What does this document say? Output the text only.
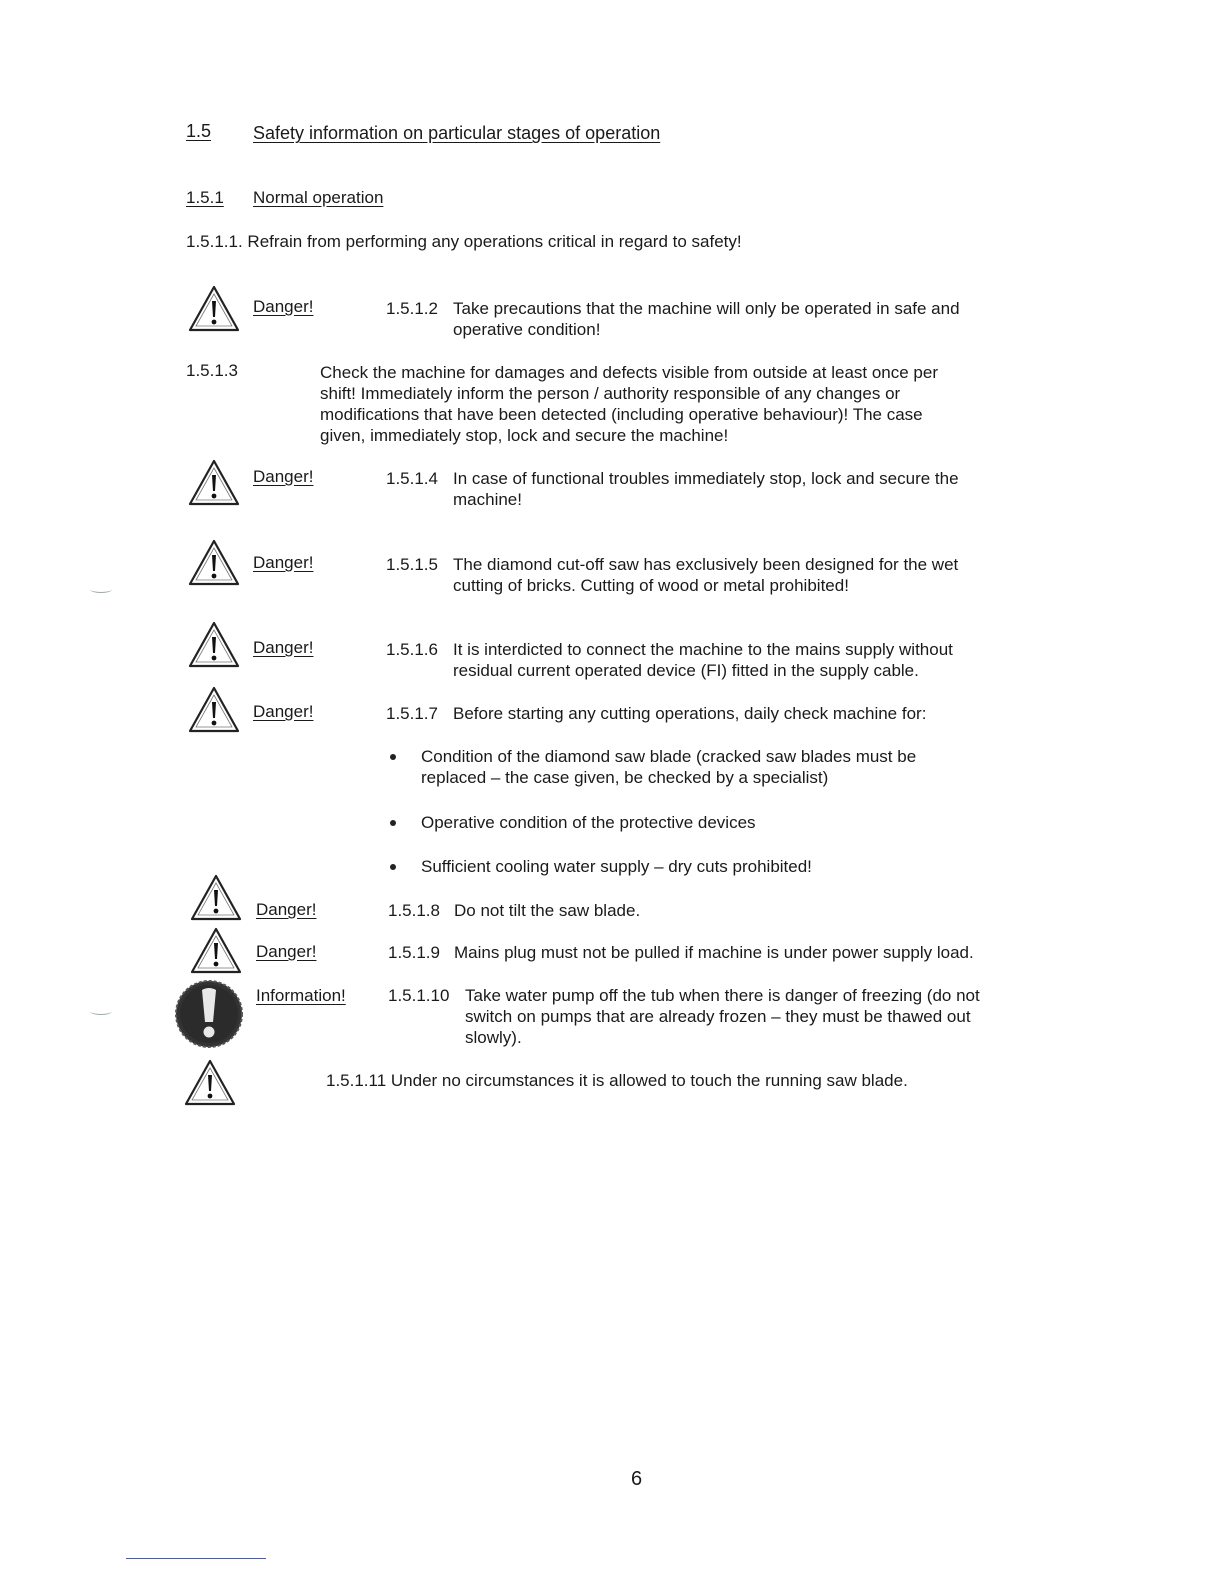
1.5 Safety information on particular stages of operation
1.5.1 Normal operation
1.5.1.1. Refrain from performing any operations critical in regard to safety!
Danger!	1.5.1.2 Take precautions that the machine will only be operated in safe and
operative condition!
1.5.1.3	Check the machine for damages and defects visible from outside at least once per
shift! Immediately inform the person / authority responsible of any changes or
modifications that have been detected (including operative behaviour)! The case
given, immediately stop, lock and secure the machine!
Danger!	1.5.1.4 In case of functional troubles immediately stop, lock and secure the
machine!
Danger!	1.5.1.5 The diamond cut-off saw has exclusively been designed for the wet
cutting of bricks. Cutting of wood or metal prohibited!
Danger!	1.5.1.6 It is interdicted to connect the machine to the mains supply without
residual current operated device (FI) fitted in the supply cable.
Danger!	1.5.1.7 Before starting any cutting operations, daily check machine for:
Condition of the diamond saw blade (cracked saw blades must be
replaced – the case given, be checked by a specialist)
Operative condition of the protective devices
Sufficient cooling water supply – dry cuts prohibited!
Danger!	1.5.1.8 Do not tilt the saw blade.
Danger!	1.5.1.9 Mains plug must not be pulled if machine is under power supply load.
Information! 1.5.1.10 Take water pump off the tub when there is danger of freezing (do not
switch on pumps that are already frozen – they must be thawed out
slowly).
1.5.1.11 Under no circumstances it is allowed to touch the running saw blade.
6
